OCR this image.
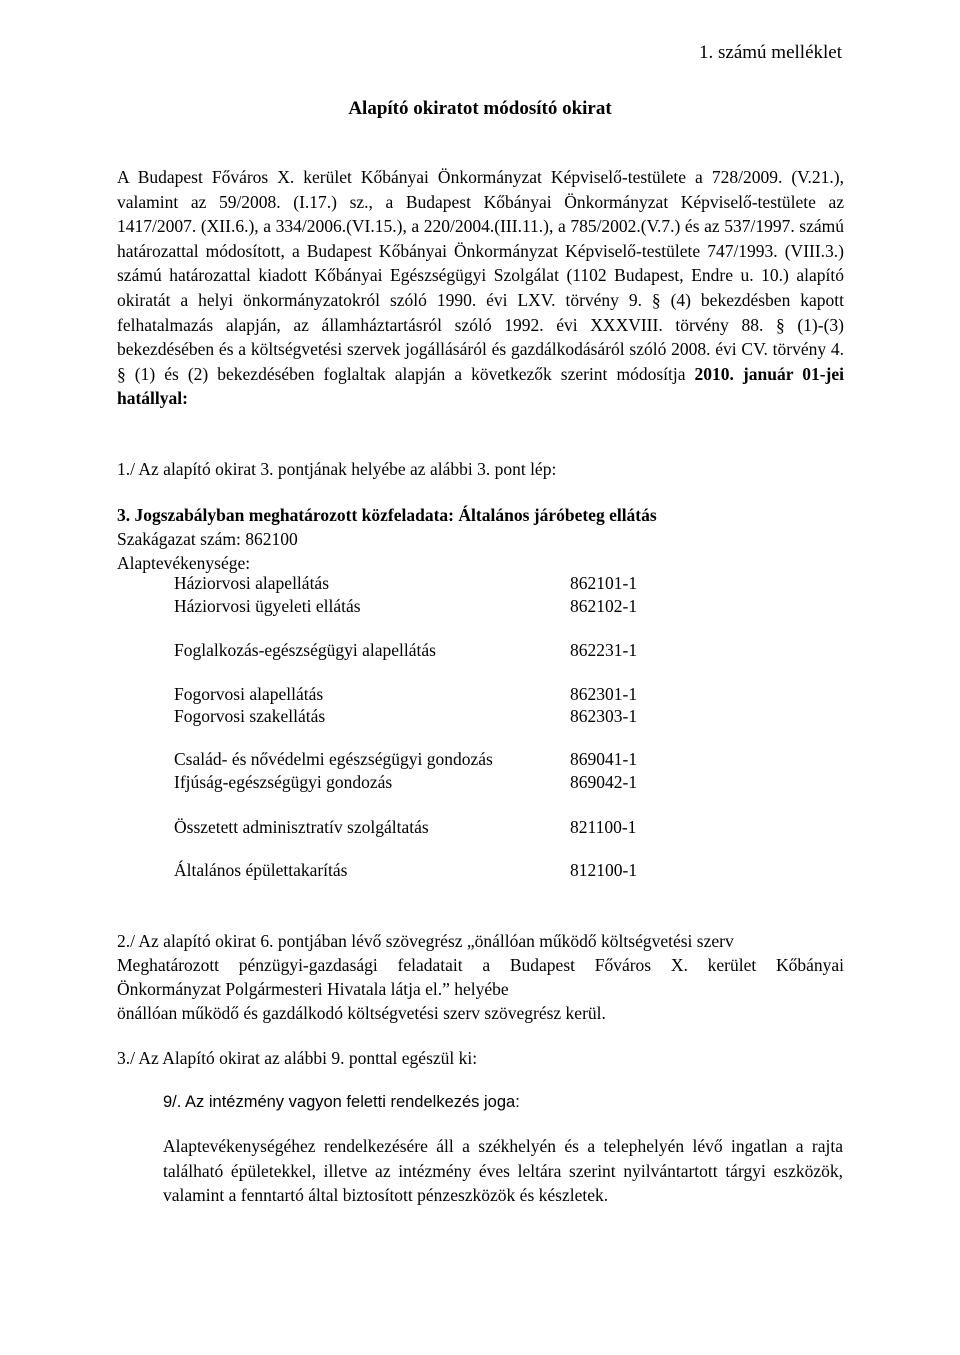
1. számú melléklet
Alapító okiratot módosító okirat

A Budapest Főváros X. kerület Kőbányai Önkormányzat Képviselő-testülete a 728/2009. (V.21.), valamint az 59/2008. (I.17.) sz., a Budapest Kőbányai Önkormányzat Képviselő-testülete az 1417/2007. (XII.6.), a 334/2006.(VI.15.), a 220/2004.(III.11.), a 785/2002.(V.7.) és az 537/1997. számú határozattal módosított, a Budapest Kőbányai Önkormányzat Képviselő-testülete 747/1993. (VIII.3.) számú határozattal kiadott Kőbányai Egészségügyi Szolgálat (1102 Budapest, Endre u. 10.) alapító okiratát a helyi önkormányzatokról szóló 1990. évi LXV. törvény 9. § (4) bekezdésben kapott felhatalmazás alapján, az államháztartásról szóló 1992. évi XXXVIII. törvény 88. § (1)-(3) bekezdésében és a költségvetési szervek jogállásáról és gazdálkodásáról szóló 2008. évi CV. törvény 4. § (1) és (2) bekezdésében foglaltak alapján a következők szerint módosítja 2010. január 01-jei hatállyal:

1./ Az alapító okirat 3. pontjának helyébe az alábbi 3. pont lép:
3. Jogszabályban meghatározott közfeladata: Általános járóbeteg ellátás
Szakágazat szám: 862100
Alaptevékenysége:
Háziorvosi alapellátás	862101-1
Háziorvosi ügyeleti ellátás	862102-1
Foglalkozás-egészségügyi alapellátás	862231-1
Fogorvosi alapellátás	862301-1
Fogorvosi szakellátás	862303-1
Család- és nővédelmi egészségügyi gondozás	869041-1
Ifjúság-egészségügyi gondozás	869042-1
Összetett adminisztratív szolgáltatás	821100-1
Általános épülettakarítás	812100-1
2./ Az alapító okirat 6. pontjában lévő szövegrész „önállóan működő költségvetési szerv
Meghatározott pénzügyi-gazdasági feladatait a Budapest Főváros X. kerület Kőbányai
Önkormányzat Polgármesteri Hivatala látja el.” helyébe
önállóan működő és gazdálkodó költségvetési szerv szövegrész kerül.
3./ Az Alapító okirat az alábbi 9. ponttal egészül ki:
9/. Az intézmény vagyon feletti rendelkezés joga:

Alaptevékenységéhez rendelkezésére áll a székhelyén és a telephelyén lévő ingatlan a rajta található épületekkel, illetve az intézmény éves leltára szerint nyilvántartott tárgyi eszközök, valamint a fenntartó által biztosított pénzeszközök és készletek.
